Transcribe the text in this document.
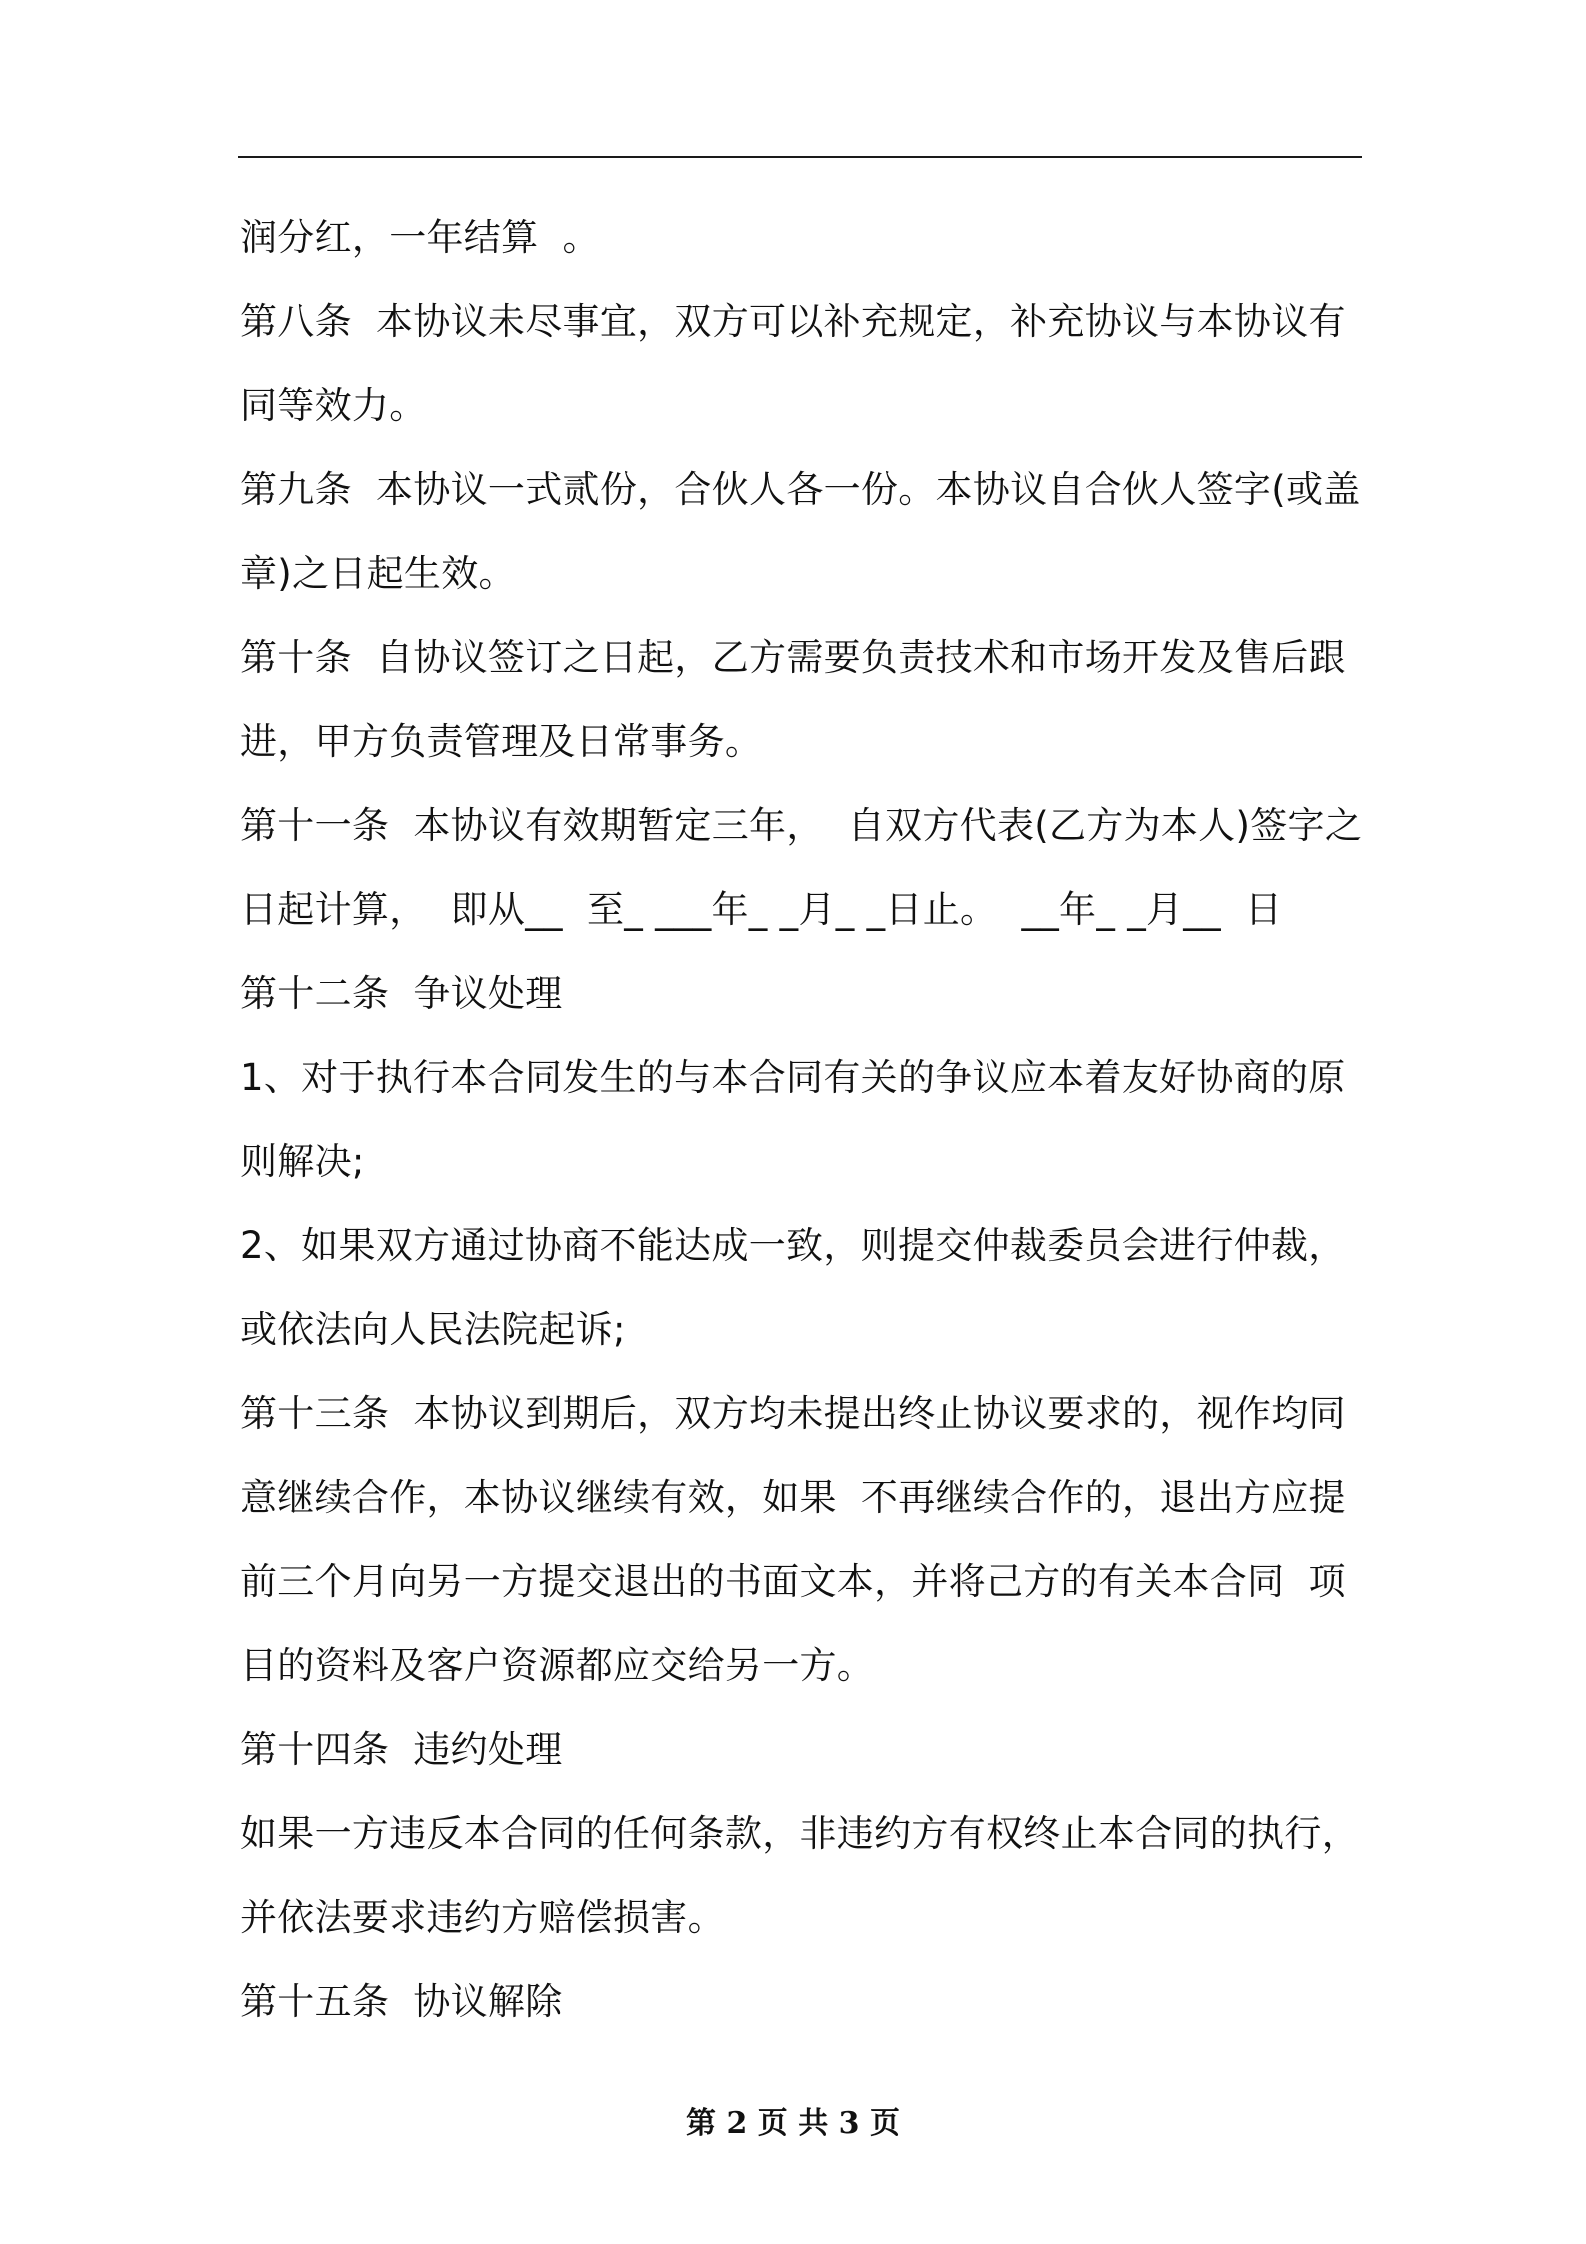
润分红，一年结算  。
第八条  本协议未尽事宜，双方可以补充规定，补充协议与本协议有
同等效力。
第九条  本协议一式贰份，合伙人各一份。本协议自合伙人签字(或盖
章)之日起生效。
第十条  自协议签订之日起，乙方需要负责技术和市场开发及售后跟
进，甲方负责管理及日常事务。
第十一条  本协议有效期暂定三年，  自双方代表(乙方为本人)签字之
日起计算，  即从__  至_ ___年_ _月_ _日止。  __年_ _月__  日
第十二条  争议处理
1、对于执行本合同发生的与本合同有关的争议应本着友好协商的原
则解决;
2、如果双方通过协商不能达成一致，则提交仲裁委员会进行仲裁，
或依法向人民法院起诉;
第十三条  本协议到期后，双方均未提出终止协议要求的，视作均同
意继续合作，本协议继续有效，如果  不再继续合作的，退出方应提
前三个月向另一方提交退出的书面文本，并将己方的有关本合同  项
目的资料及客户资源都应交给另一方。
第十四条  违约处理
如果一方违反本合同的任何条款，非违约方有权终止本合同的执行，
并依法要求违约方赔偿损害。
第十五条  协议解除
第 2 页 共 3 页
